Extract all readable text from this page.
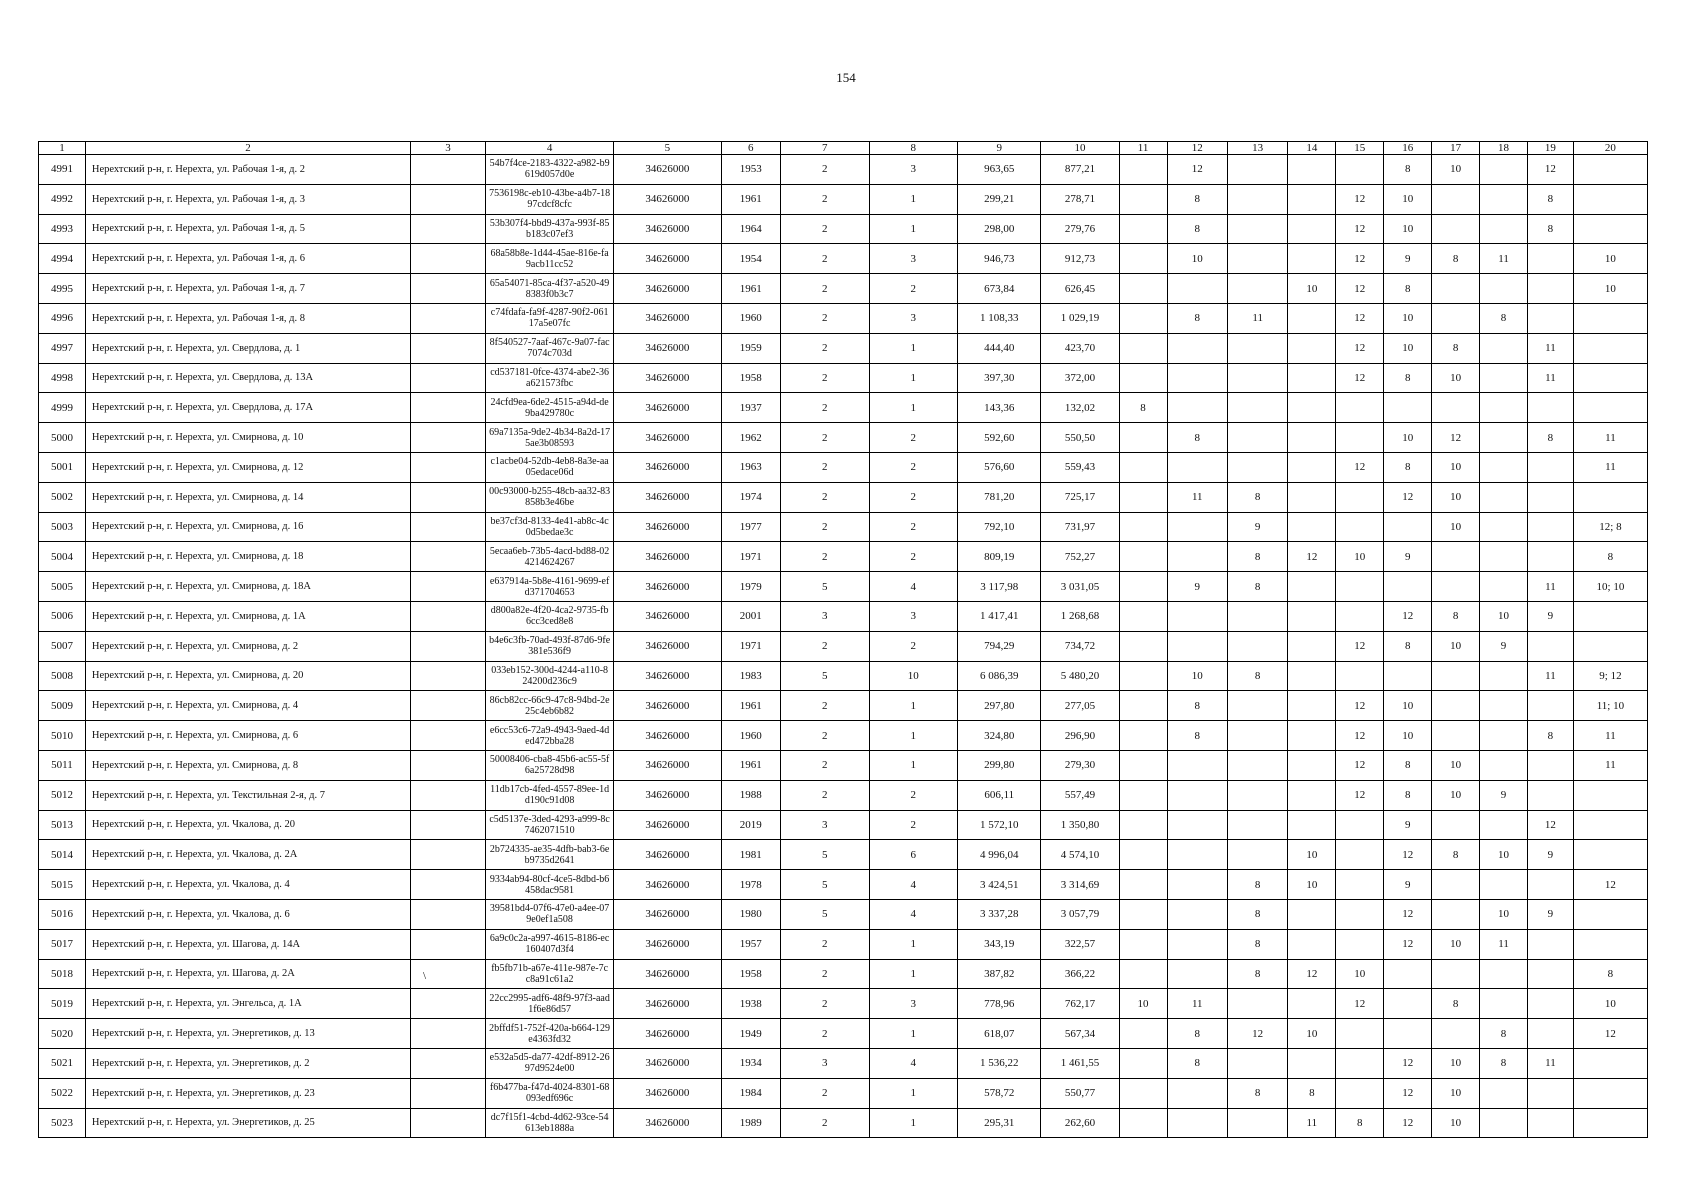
154
1	2	3	4	5	6	7	8	9	10	11	12	13	14	15	16	17	18	19	20
4991	Нерехтский р-н, г. Нерехта, ул. Рабочая 1-я, д. 2		54b7f4ce-2183-4322-a982-b9619d057d0e	34626000	1953	2	3	963,65	877,21		12				8	10		12	
4992	Нерехтский р-н, г. Нерехта, ул. Рабочая 1-я, д. 3		7536198c-eb10-43be-a4b7-1897cdcf8cfc	34626000	1961	2	1	299,21	278,71		8			12	10			8	
4993	Нерехтский р-н, г. Нерехта, ул. Рабочая 1-я, д. 5		53b307f4-bbd9-437a-993f-85b183c07ef3	34626000	1964	2	1	298,00	279,76		8			12	10			8	
4994	Нерехтский р-н, г. Нерехта, ул. Рабочая 1-я, д. 6		68a58b8e-1d44-45ae-816e-fa9acb11cc52	34626000	1954	2	3	946,73	912,73		10			12	9	8	11		10
4995	Нерехтский р-н, г. Нерехта, ул. Рабочая 1-я, д. 7		65a54071-85ca-4f37-a520-498383f0b3c7	34626000	1961	2	2	673,84	626,45				10	12	8				10
4996	Нерехтский р-н, г. Нерехта, ул. Рабочая 1-я, д. 8		c74fdafa-fa9f-4287-90f2-06117a5e07fc	34626000	1960	2	3	1 108,33	1 029,19		8	11		12	10		8		
4997	Нерехтский р-н, г. Нерехта, ул. Свердлова, д. 1		8f540527-7aaf-467c-9a07-fac7074c703d	34626000	1959	2	1	444,40	423,70					12	10	8		11	
4998	Нерехтский р-н, г. Нерехта, ул. Свердлова, д. 13А		cd537181-0fce-4374-abe2-36a621573fbc	34626000	1958	2	1	397,30	372,00					12	8	10		11	
4999	Нерехтский р-н, г. Нерехта, ул. Свердлова, д. 17А		24cfd9ea-6de2-4515-a94d-de9ba429780c	34626000	1937	2	1	143,36	132,02	8									
5000	Нерехтский р-н, г. Нерехта, ул. Смирнова, д. 10		69a7135a-9de2-4b34-8a2d-175ae3b08593	34626000	1962	2	2	592,60	550,50		8				10	12		8	11
5001	Нерехтский р-н, г. Нерехта, ул. Смирнова, д. 12		c1acbe04-52db-4eb8-8a3e-aa05edace06d	34626000	1963	2	2	576,60	559,43					12	8	10			11
5002	Нерехтский р-н, г. Нерехта, ул. Смирнова, д. 14		00c93000-b255-48cb-aa32-83858b3e46be	34626000	1974	2	2	781,20	725,17		11	8			12	10			
5003	Нерехтский р-н, г. Нерехта, ул. Смирнова, д. 16		be37cf3d-8133-4e41-ab8c-4c0d5bedae3c	34626000	1977	2	2	792,10	731,97			9				10			12; 8
5004	Нерехтский р-н, г. Нерехта, ул. Смирнова, д. 18		5ecaa6eb-73b5-4acd-bd88-024214624267	34626000	1971	2	2	809,19	752,27			8	12	10	9				8
5005	Нерехтский р-н, г. Нерехта, ул. Смирнова, д. 18А		e637914a-5b8e-4161-9699-efd371704653	34626000	1979	5	4	3 117,98	3 031,05		9	8						11	10; 10
5006	Нерехтский р-н, г. Нерехта, ул. Смирнова, д. 1А		d800a82e-4f20-4ca2-9735-fb6cc3ced8e8	34626000	2001	3	3	1 417,41	1 268,68						12	8	10	9	
5007	Нерехтский р-н, г. Нерехта, ул. Смирнова, д. 2		b4e6c3fb-70ad-493f-87d6-9fe381e536f9	34626000	1971	2	2	794,29	734,72					12	8	10	9		
5008	Нерехтский р-н, г. Нерехта, ул. Смирнова, д. 20		033eb152-300d-4244-a110-824200d236c9	34626000	1983	5	10	6 086,39	5 480,20		10	8						11	9; 12
5009	Нерехтский р-н, г. Нерехта, ул. Смирнова, д. 4		86cb82cc-66c9-47c8-94bd-2e25c4eb6b82	34626000	1961	2	1	297,80	277,05		8			12	10				11; 10
5010	Нерехтский р-н, г. Нерехта, ул. Смирнова, д. 6		e6cc53c6-72a9-4943-9aed-4ded472bba28	34626000	1960	2	1	324,80	296,90		8			12	10			8	11
5011	Нерехтский р-н, г. Нерехта, ул. Смирнова, д. 8		50008406-cba8-45b6-ac55-5f6a25728d98	34626000	1961	2	1	299,80	279,30					12	8	10			11
5012	Нерехтский р-н, г. Нерехта, ул. Текстильная 2-я, д. 7		11db17cb-4fed-4557-89ee-1dd190c91d08	34626000	1988	2	2	606,11	557,49					12	8	10	9		
5013	Нерехтский р-н, г. Нерехта, ул. Чкалова, д. 20		c5d5137e-3ded-4293-a999-8c7462071510	34626000	2019	3	2	1 572,10	1 350,80						9			12	
5014	Нерехтский р-н, г. Нерехта, ул. Чкалова, д. 2А		2b724335-ae35-4dfb-bab3-6eb9735d2641	34626000	1981	5	6	4 996,04	4 574,10				10		12	8	10	9	
5015	Нерехтский р-н, г. Нерехта, ул. Чкалова, д. 4		9334ab94-80cf-4ce5-8dbd-b6458dac9581	34626000	1978	5	4	3 424,51	3 314,69			8	10		9				12
5016	Нерехтский р-н, г. Нерехта, ул. Чкалова, д. 6		39581bd4-07f6-47e0-a4ee-079e0ef1a508	34626000	1980	5	4	3 337,28	3 057,79			8			12		10	9	
5017	Нерехтский р-н, г. Нерехта, ул. Шагова, д. 14А		6a9c0c2a-a997-4615-8186-ec160407d3f4	34626000	1957	2	1	343,19	322,57			8			12	10	11		
5018	Нерехтский р-н, г. Нерехта, ул. Шагова, д. 2А		fb5fb71b-a67e-411e-987e-7cc8a91c61a2	34626000	1958	2	1	387,82	366,22			8	12	10					8
5019	Нерехтский р-н, г. Нерехта, ул. Энгельса, д. 1А		22cc2995-adf6-48f9-97f3-aad1f6e86d57	34626000	1938	2	3	778,96	762,17	10	11			12		8			10
5020	Нерехтский р-н, г. Нерехта, ул. Энергетиков, д. 13		2bffdf51-752f-420a-b664-129e4363fd32	34626000	1949	2	1	618,07	567,34		8	12	10				8		12
5021	Нерехтский р-н, г. Нерехта, ул. Энергетиков, д. 2		e532a5d5-da77-42df-8912-2697d9524e00	34626000	1934	3	4	1 536,22	1 461,55		8				12	10	8	11	
5022	Нерехтский р-н, г. Нерехта, ул. Энергетиков, д. 23		f6b477ba-f47d-4024-8301-68093edf696c	34626000	1984	2	1	578,72	550,77			8	8		12	10			
5023	Нерехтский р-н, г. Нерехта, ул. Энергетиков, д. 25		dc7f15f1-4cbd-4d62-93ce-54613eb1888a	34626000	1989	2	1	295,31	262,60				11	8	12	10			
\
